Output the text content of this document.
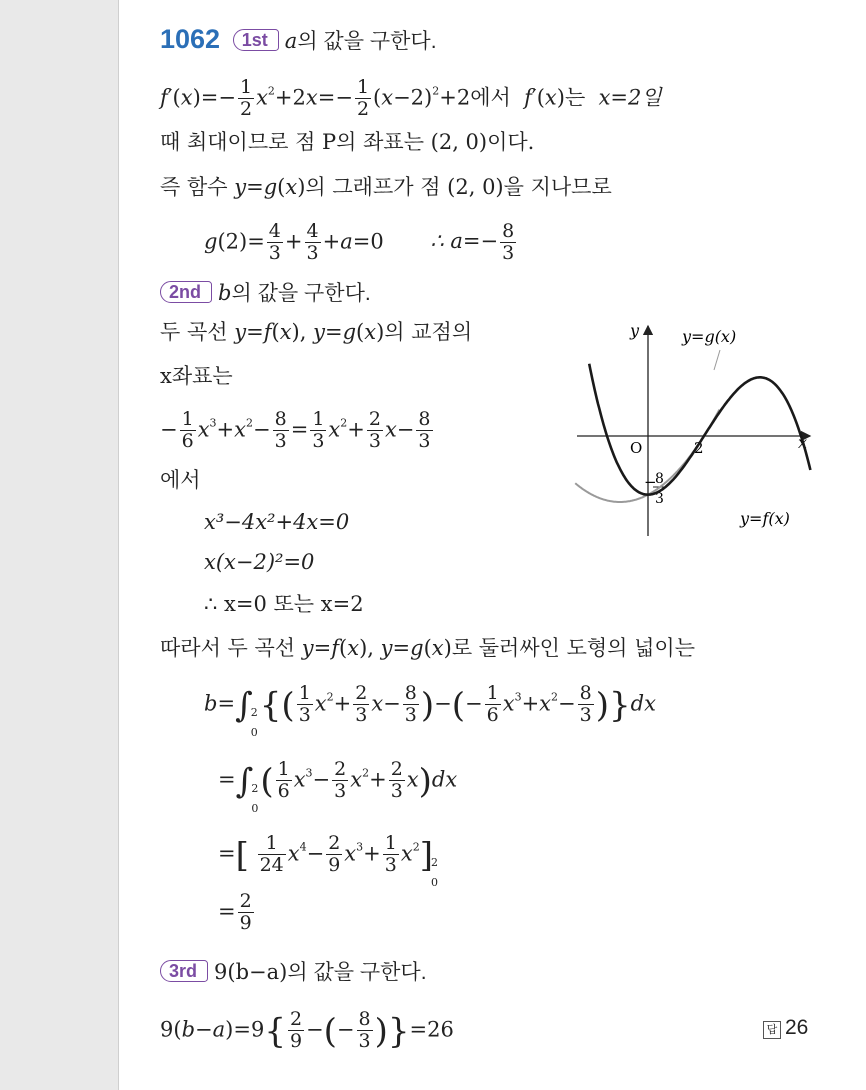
1062 1st a의 값을 구한다.
$f'(x)=- \frac{1}{2} x^2+2x=- \frac{1}{2} (x-2)^2+2$에서 f′(x)는 x=2일
때 최대이므로 점 P의 좌표는 (2, 0)이다.
즉 함수 y=g(x)의 그래프가 점 (2, 0)을 지나므로
$g(2)= \frac{4}{3} + \frac{4}{3} +a=0$ ∴ $a=- \frac{8}{3}$
2nd b의 값을 구한다.
두 곡선 y=f(x), y=g(x)의 교점의
x좌표는
− $\frac{1}{6} x^3+x^2- \frac{8}{3} = \frac{1}{3} x^2+ \frac{2}{3} x- \frac{8}{3}$
에서
x³−4x²+4x=0
x(x−2)²=0
∴ x=0 또는 x=2
따라서 두 곡선 y=f(x), y=g(x)로 둘러싸인 도형의 넓이는
b=∫
2
0
{( $\frac{1}{3} x^2+ \frac{2}{3} x- \frac{8}{3}$ )−(− $\frac{1}{6} x^3+x^2- \frac{8}{3} )\}dx$
=∫
2
0
( $\frac{1}{6} x^3- \frac{2}{3} x^2+ \frac{2}{3} x)dx$
=[ $\frac{1}{24} x^4- \frac{2}{9} x^3+ \frac{1}{3} x^2$]
2
0
= $\frac{2}{9}$
3rd 9(b−a)의 값을 구한다.
$9(b-a)=9\{ \frac{2}{9}$ −(− $\frac{8}{3} )\}=26$	답 26
y
x
O	2
−
8
3
y=g(x)
y=f(x)
